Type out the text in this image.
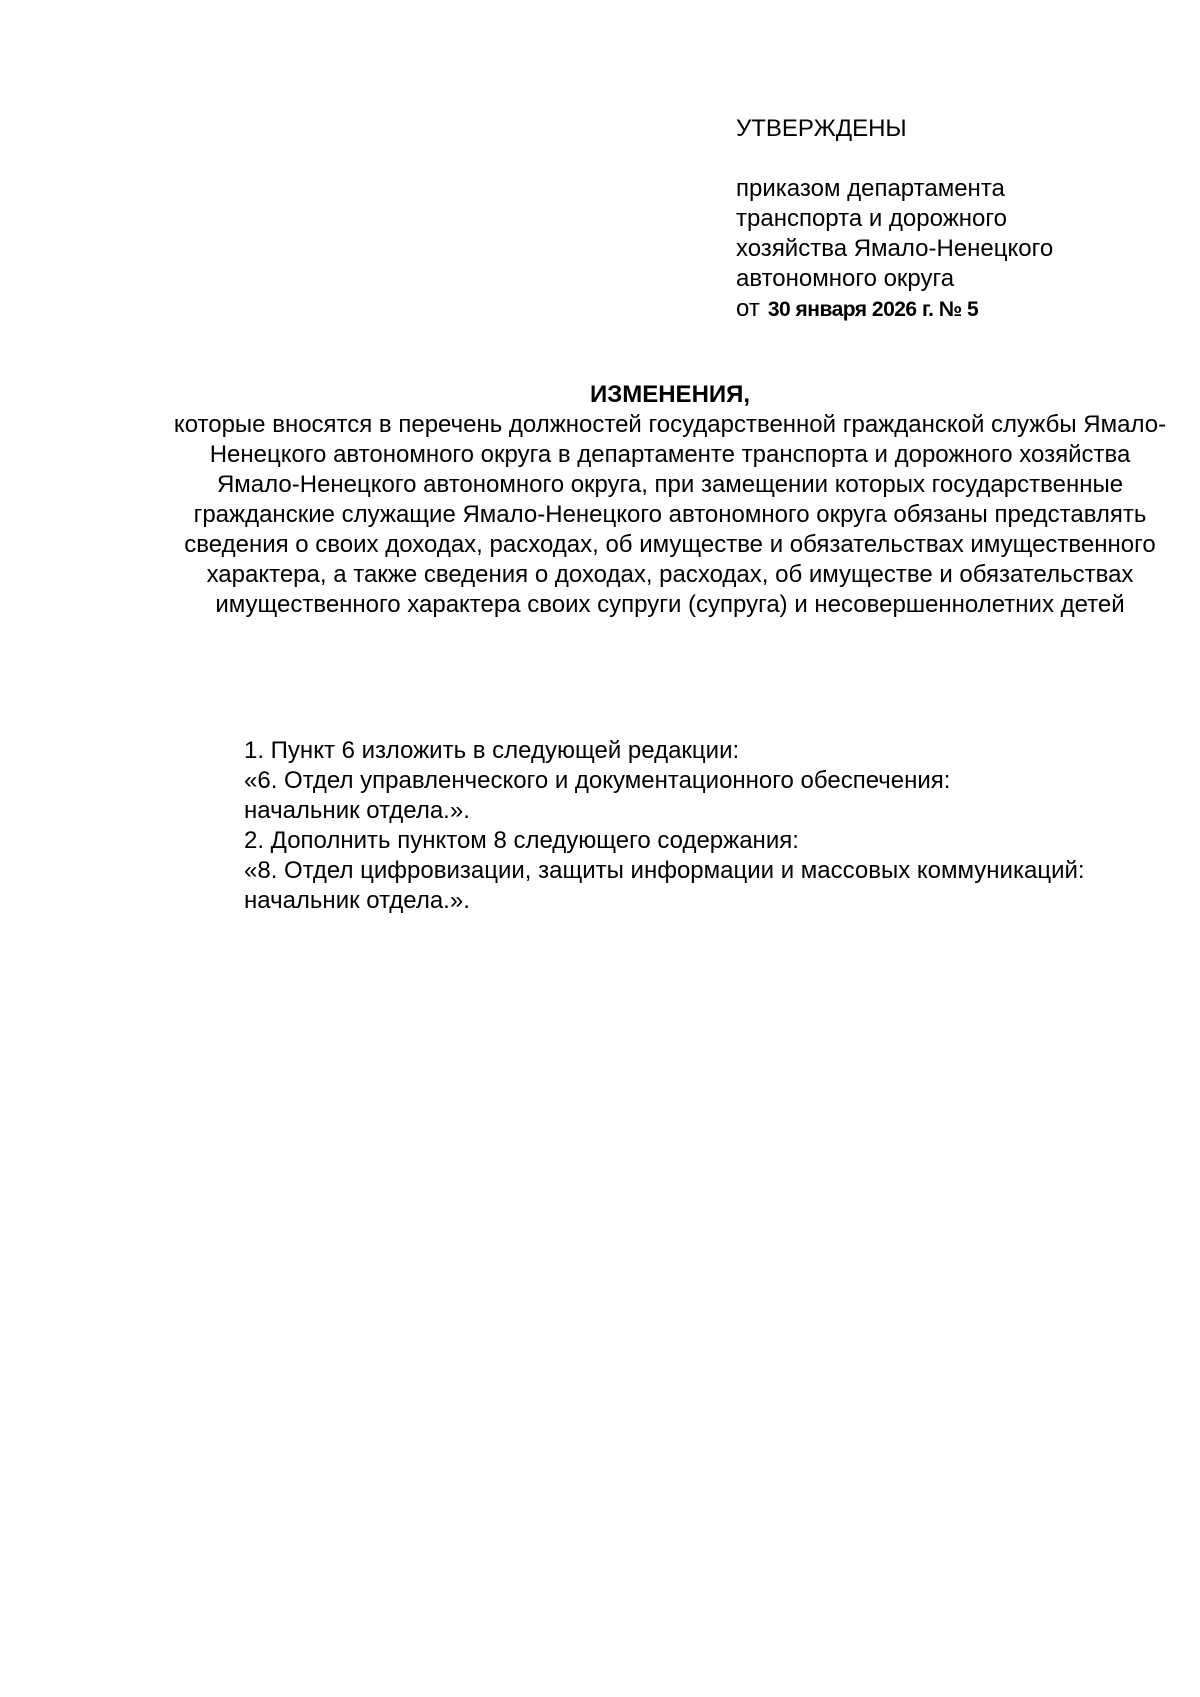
УТВЕРЖДЕНЫ
приказом департамента
транспорта и дорожного
хозяйства Ямало-Ненецкого
автономного округа
от 30 января 2026 г. № 5

ИЗМЕНЕНИЯ,

которые вносятся в перечень должностей государственной гражданской службы Ямало-Ненецкого автономного округа в департаменте транспорта и дорожного хозяйства Ямало-Ненецкого автономного округа, при замещении которых государственные гражданские служащие Ямало-Ненецкого автономного округа обязаны представлять сведения о своих доходах, расходах, об имуществе и обязательствах имущественного характера, а также сведения о доходах, расходах, об имуществе и обязательствах имущественного характера своих супруги (супруга) и несовершеннолетних детей

1. Пункт 6 изложить в следующей редакции:

«6. Отдел управленческого и документационного обеспечения:

начальник отдела.».

2. Дополнить пунктом 8 следующего содержания:

«8. Отдел цифровизации, защиты информации и массовых коммуникаций:

начальник отдела.».
